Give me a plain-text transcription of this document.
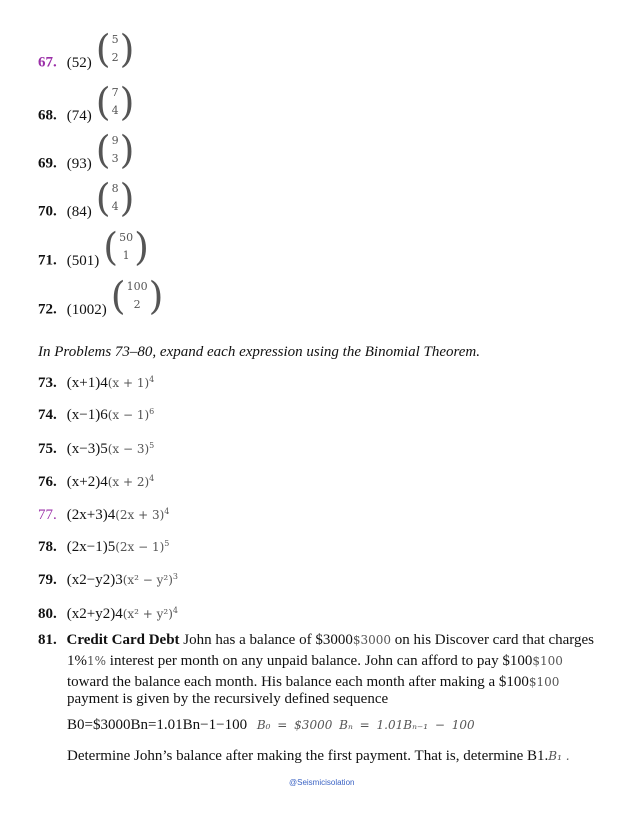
67. (52) ( 5
2 )
68. (74) ( 7
4 )
69. (93) ( 9
3 )
70. (84) ( 8
4 )
71. (501) ( 50
1 )
72. (1002) ( 100
2 )
In Problems 73–80, expand each expression using the Binomial Theorem.
73. $(x+1)4(x + 1)^4$
74. $(x-1)6(x - 1)^6$
75. $(x-3)5(x - 3)^5$
76. $(x+2)4(x + 2)^4$
77. $(2x+3)4(2x + 3)^4$
78. $(2x-1)5(2x - 1)^5$
79. $(x2-y2)3(x^2 - y^2)^3$
80. $(x2+y2)4(x^2 + y^2)^4$
81. Credit Card Debt John has a balance of $3000$3000 on his Discover card that charges
1%1% interest per month on any unpaid balance. John can afford to pay $100$100
toward the balance each month. His balance each month after making a $100$100
payment is given by the recursively defined sequence
B0=$3000Bn=1.01Bn−1−100 B₀ = $3000 Bₙ = 1.01Bₙ₋₁ − 100
Determine John’s balance after making the first payment. That is, determine B1.B₁ .
@Seismicisolation
